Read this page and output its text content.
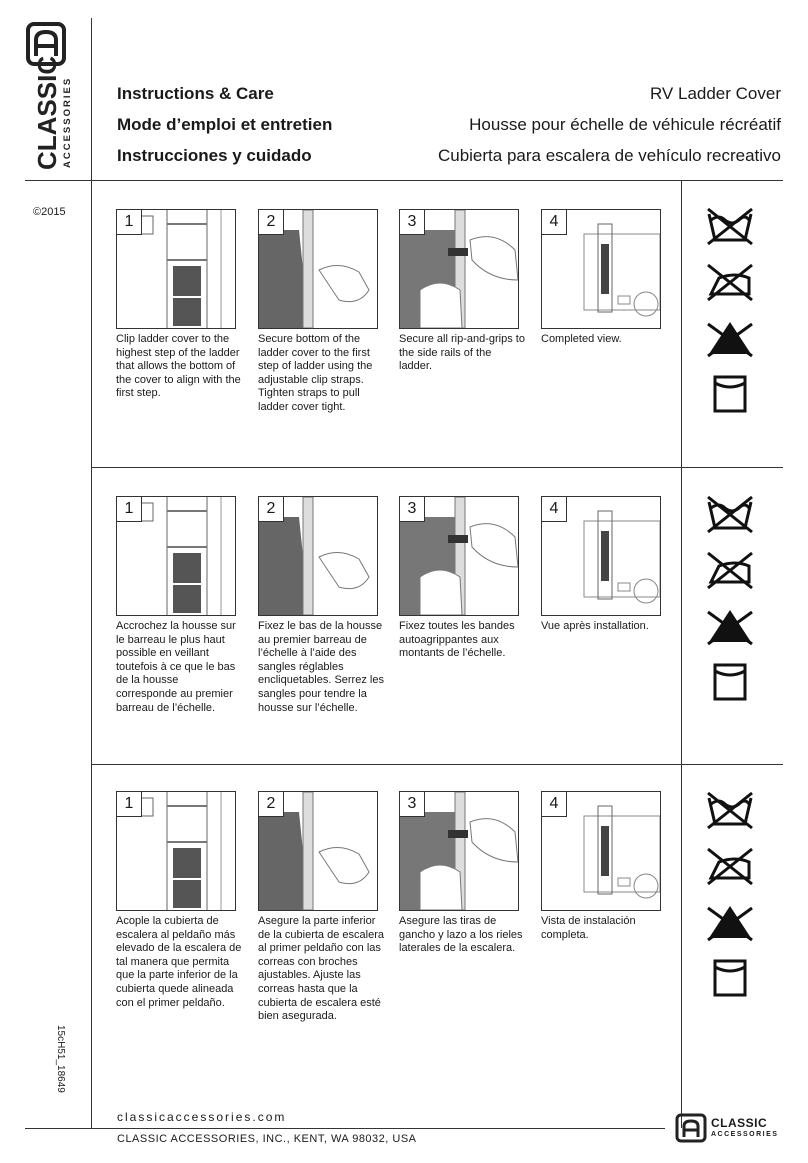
CLASSIC ACCESSORIES	Instructions & Care
Mode d’emploi et entretien
Instrucciones y cuidado
RV Ladder Cover
Housse pour échelle de véhicule récréatif
Cubierta para escalera de vehículo recreativo
©2015
15cH51_18649
1
Clip ladder cover to the highest step of the ladder that allows the bottom of the cover to align with the first step.
2
Secure bottom of the ladder cover to the first step of ladder using the adjustable clip straps. Tighten straps to pull ladder cover tight.
3
Secure all rip-and-grips to the side rails of the ladder.
4
Completed view.
1
Accrochez la housse sur le barreau le plus haut possible en veillant toutefois à ce que le bas de la housse corresponde au premier barreau de l’échelle.
2
Fixez le bas de la housse au premier barreau de l’échelle à l’aide des sangles réglables encliquetables. Serrez les sangles pour tendre la housse sur l’échelle.
3
Fixez toutes les bandes autoagrippantes aux montants de l’échelle.
4
Vue après installation.
1
Acople la cubierta de escalera al peldaño más elevado de la escalera de tal manera que permita que la parte inferior de la cubierta quede alineada con el primer peldaño.
2
Asegure la parte inferior de la cubierta de escalera al primer peldaño con las correas con broches ajustables. Ajuste las correas hasta que la cubierta de escalera esté bien asegurada.
3
Asegure las tiras de gancho y lazo a los rieles laterales de la escalera.
4
Vista de instalación completa.
classicaccessories.com
CLASSIC ACCESSORIES, INC., KENT, WA 98032, USA
CLASSIC
ACCESSORIES
